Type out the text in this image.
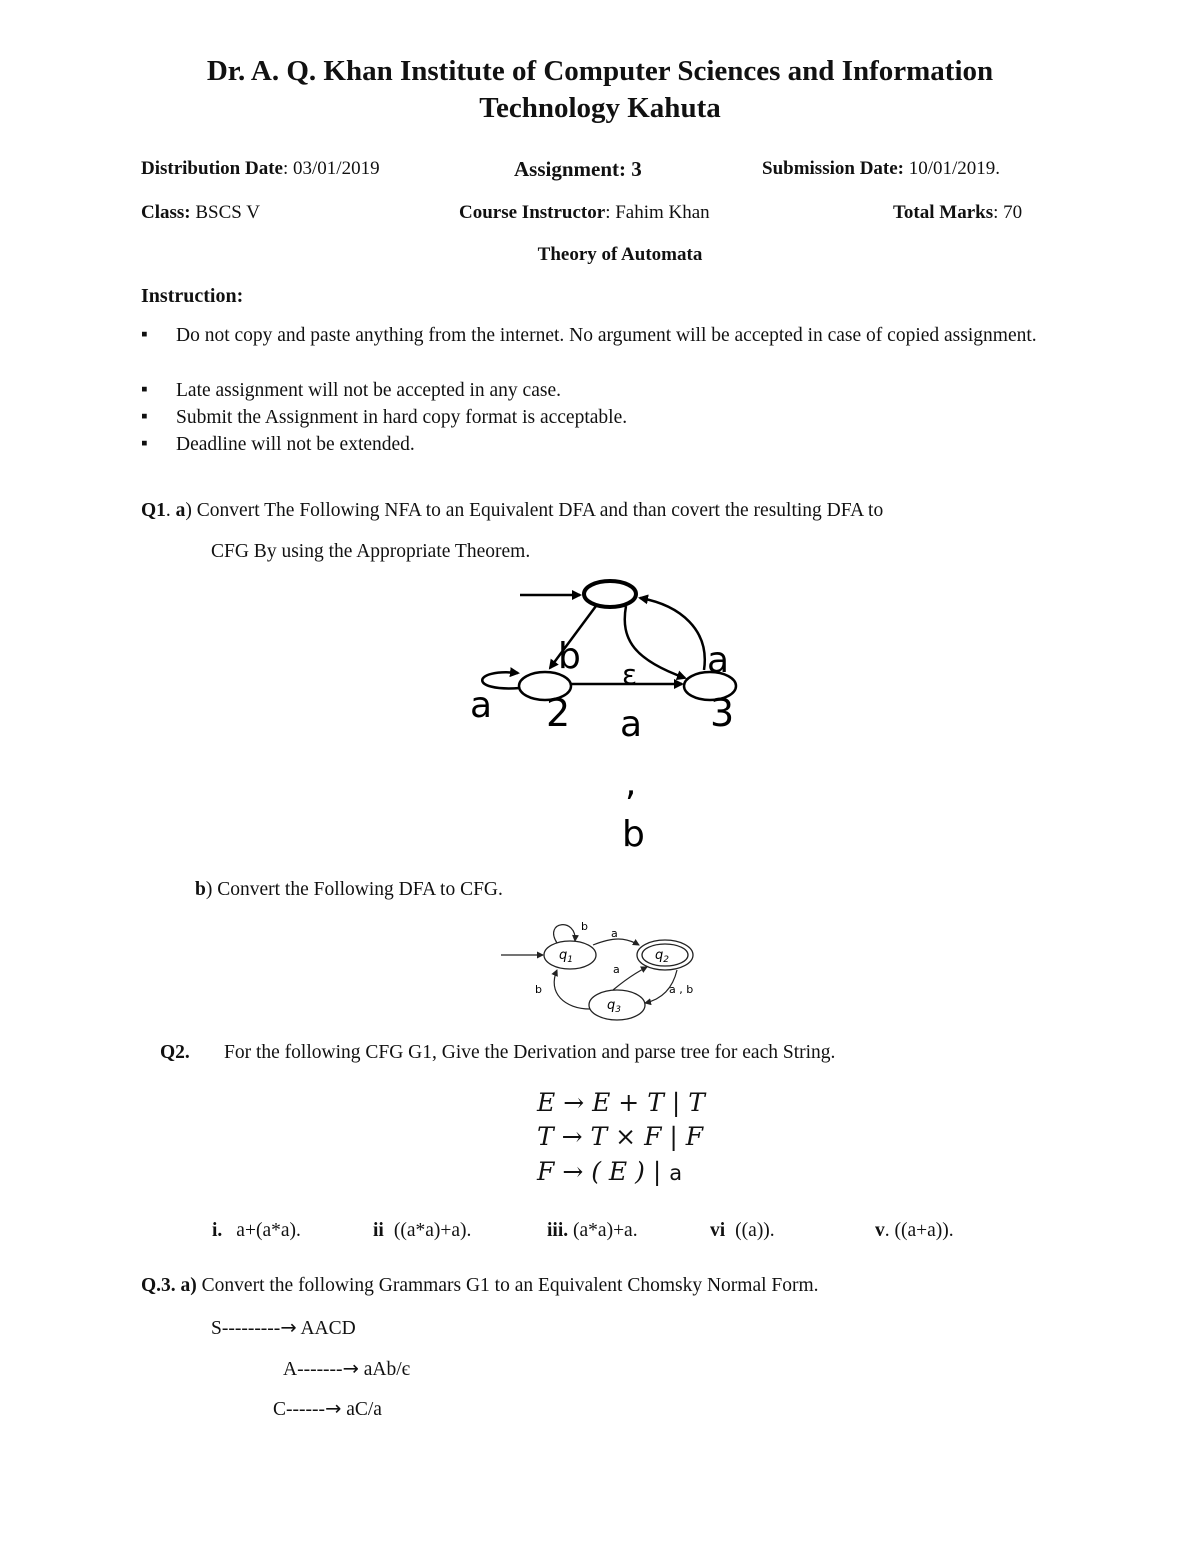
Dr. A. Q. Khan Institute of Computer Sciences and Information
Technology Kahuta
Distribution Date: 03/01/2019	Assignment: 3	Submission Date: 10/01/2019.
Class: BSCS V	Course Instructor: Fahim Khan	Total Marks: 70
Theory of Automata
Instruction:
▪ Do not copy and paste anything from the internet. No argument will be accepted in case of copied assignment.
▪ Late assignment will not be accepted in any case.
▪ Submit the Assignment in hard copy format is acceptable.
▪ Deadline will not be extended.
Q1. a) Convert The Following NFA to an Equivalent DFA and than covert the resulting DFA to
CFG By using the Appropriate Theorem.
b ε a
a 2 a 3
,
b
b) Convert the Following DFA to CFG.
$q_1$	$q_2$
$q_3$
b
a
a
b	a , b
Q2. For the following CFG G1, Give the Derivation and parse tree for each String.
E → E + T | T
T → T × F | F
F → ( E ) | a
i. a+(a*a).	ii ((a*a)+a).	iii. (a*a)+a.	vi ((a)).	v. ((a+a)).
Q.3. a) Convert the following Grammars G1 to an Equivalent Chomsky Normal Form.
S---------→ AACD
A-------→ aAb/є
C------→ aC/a
